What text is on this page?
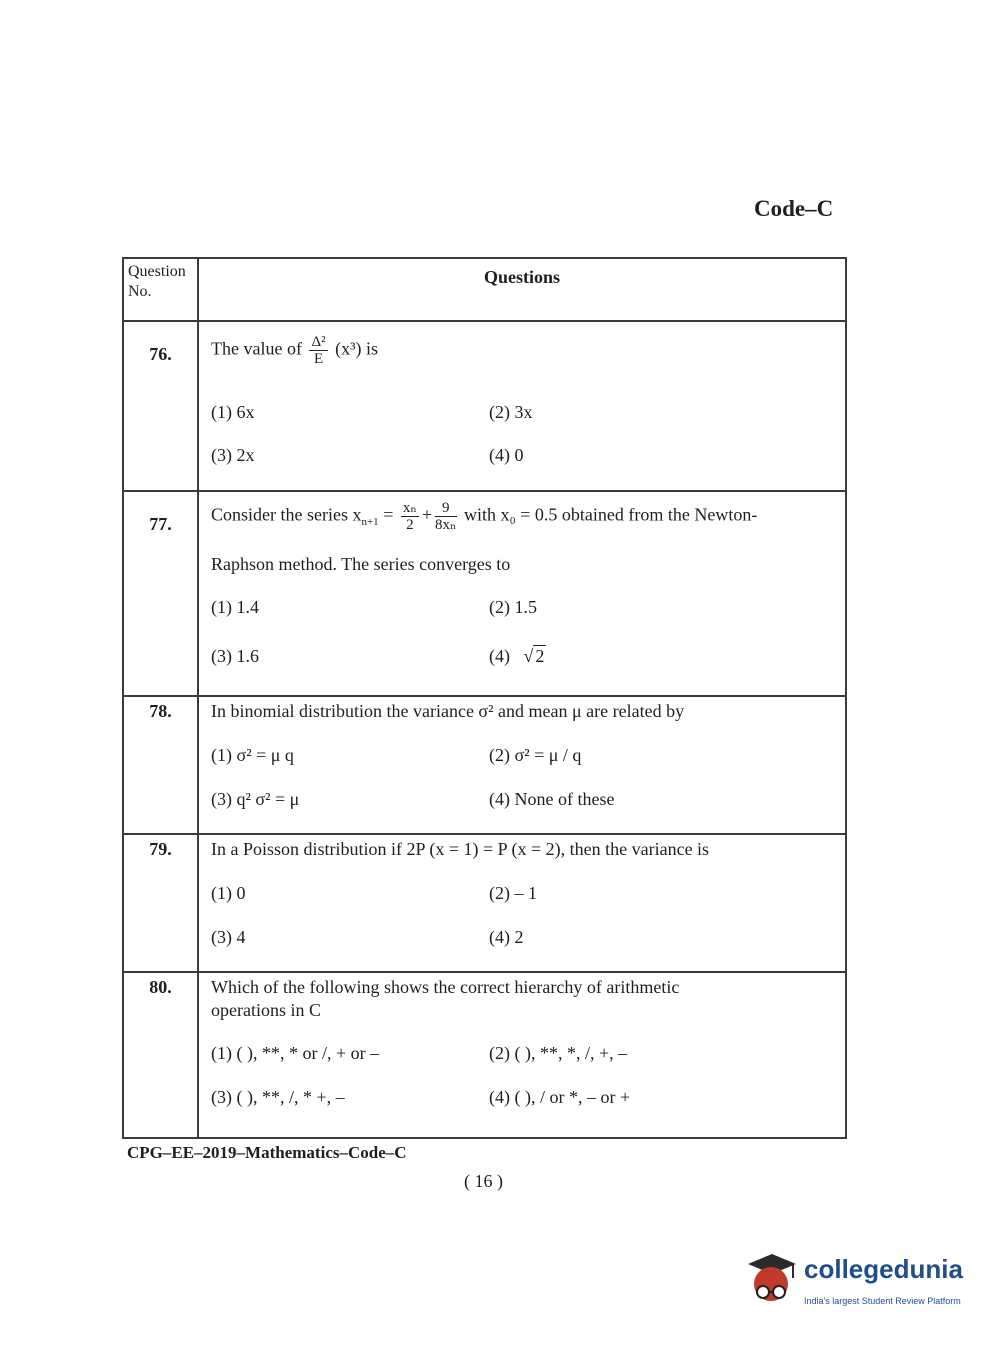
Code–C
Question No.
Questions
76.	The value of $\frac{\text{Δ²}}{E} (x^3)$ is
(1) 6x	(2) 3x
(3) 2x	(4) 0
77.	Consider the series $x_{n+1} = \frac{\text{xₙ}}{2} + \frac{9}{\text{8xₙ}}$ with x₀ = 0.5 obtained from the Newton-
Raphson method. The series converges to
(1) 1.4	(2) 1.5
(3) 1.6	(4) √ 2
78.	In binomial distribution the variance σ² and mean μ are related by
(1) σ² = μ q	(2) σ² = μ / q
(3) q² σ² = μ	(4) None of these
79.	In a Poisson distribution if 2P (x = 1) = P (x = 2), then the variance is
(1) 0	(2) – 1
(3) 4	(4) 2
80.	Which of the following shows the correct hierarchy of arithmetic
operations in C
(1) ( ), **, * or /, + or –	(2) ( ), **, *, /, +, –
(3) ( ), **, /, * +, –	(4) ( ), / or *, – or +
CPG–EE–2019–Mathematics–Code–C
( 16 )
collegedunia
India's largest Student Review Platform
